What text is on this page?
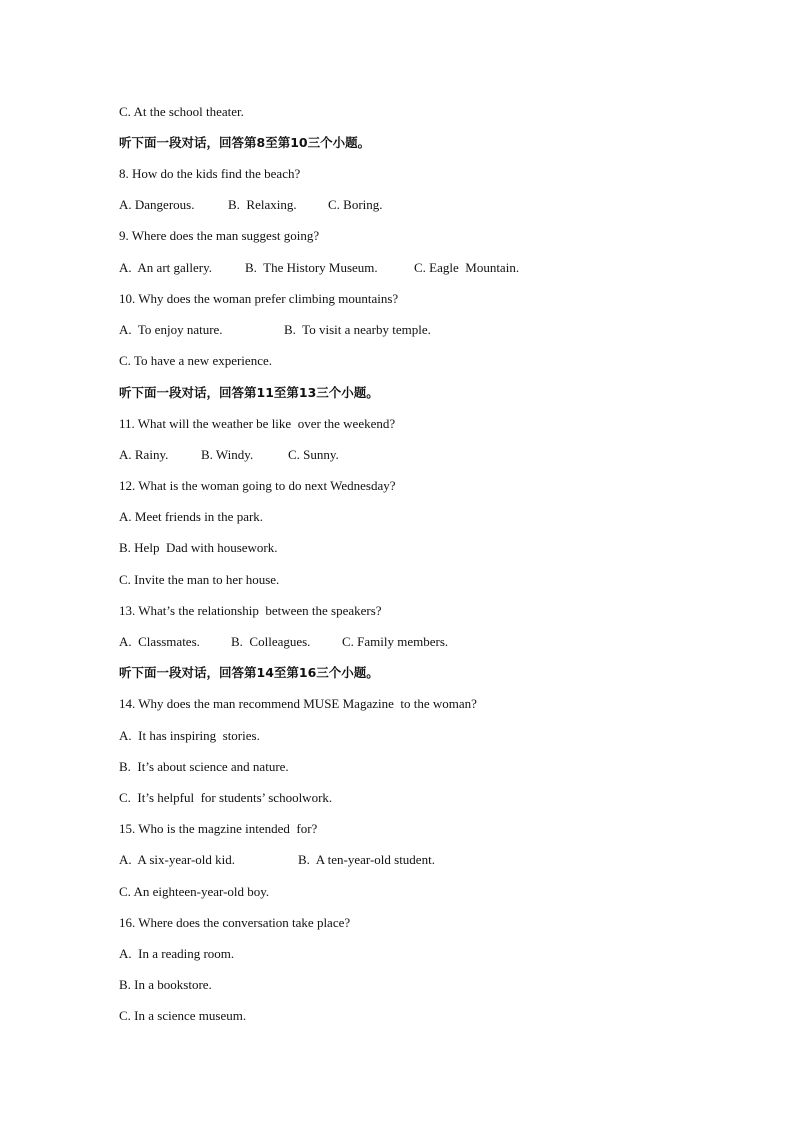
C. At the school theater.
听下面一段对话，回答第8至第10三个小题。
8. How do the kids find the beach?
A. Dangerous.	B.  Relaxing. C. Boring.
9. Where does the man suggest going?
A.  An art gallery.	B.  The History Museum.	C. Eagle  Mountain.
10. Why does the woman prefer climbing mountains?
A.  To enjoy nature.	B.  To visit a nearby temple.
C. To have a new experience.
听下面一段对话，回答第11至第13三个小题。
11. What will the weather be like  over the weekend?
A. Rainy.	B. Windy.	C. Sunny.
12. What is the woman going to do next Wednesday?
A. Meet friends in the park.
B. Help  Dad with housework.
C. Invite the man to her house.
13. What’s the relationship  between the speakers?
A.  Classmates. B.  Colleagues. C. Family members.
听下面一段对话，回答第14至第16三个小题。
14. Why does the man recommend MUSE Magazine  to the woman?
A.  It has inspiring  stories.
B.  It’s about science and nature.
C.  It’s helpful  for students’ schoolwork.
15. Who is the magzine intended  for?
A.  A six-year-old kid.	B.  A ten-year-old student.
C. An eighteen-year-old boy.
16. Where does the conversation take place?
A.  In a reading room.
B. In a bookstore.
C. In a science museum.
